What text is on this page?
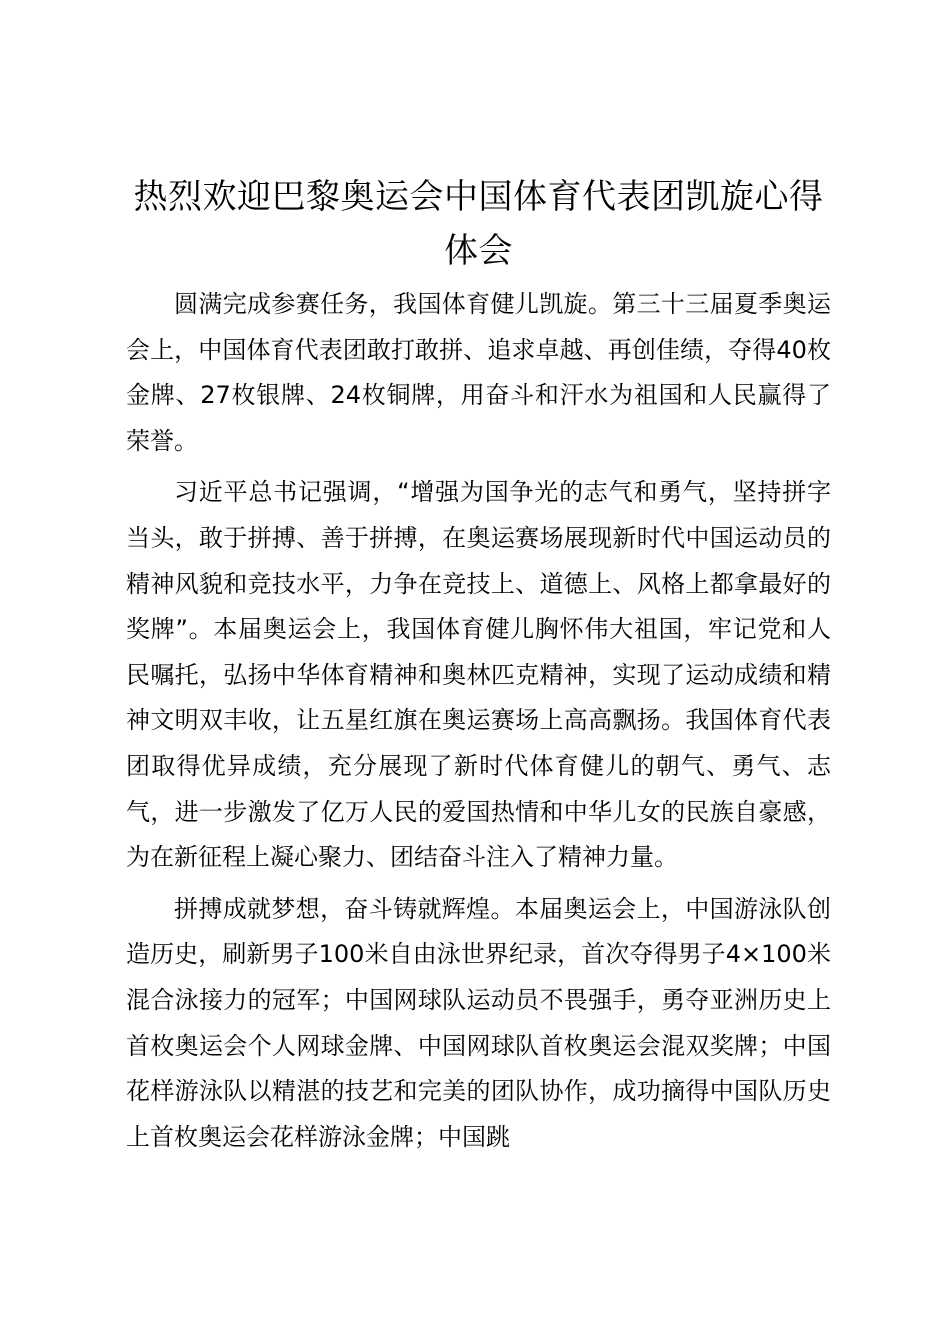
热烈欢迎巴黎奥运会中国体育代表团凯旋心得体会

圆满完成参赛任务，我国体育健儿凯旋。第三十三届夏季奥运会上，中国体育代表团敢打敢拼、追求卓越、再创佳绩，夺得40枚金牌、27枚银牌、24枚铜牌，用奋斗和汗水为祖国和人民赢得了荣誉。

习近平总书记强调，“增强为国争光的志气和勇气，坚持拼字当头，敢于拼搏、善于拼搏，在奥运赛场展现新时代中国运动员的精神风貌和竞技水平，力争在竞技上、道德上、风格上都拿最好的奖牌”。本届奥运会上，我国体育健儿胸怀伟大祖国，牢记党和人民嘱托，弘扬中华体育精神和奥林匹克精神，实现了运动成绩和精神文明双丰收，让五星红旗在奥运赛场上高高飘扬。我国体育代表团取得优异成绩，充分展现了新时代体育健儿的朝气、勇气、志气，进一步激发了亿万人民的爱国热情和中华儿女的民族自豪感，为在新征程上凝心聚力、团结奋斗注入了精神力量。

拼搏成就梦想，奋斗铸就辉煌。本届奥运会上，中国游泳队创造历史，刷新男子100米自由泳世界纪录，首次夺得男子4×100米混合泳接力的冠军；中国网球队运动员不畏强手，勇夺亚洲历史上首枚奥运会个人网球金牌、中国网球队首枚奥运会混双奖牌；中国花样游泳队以精湛的技艺和完美的团队协作，成功摘得中国队历史上首枚奥运会花样游泳金牌；中国跳
